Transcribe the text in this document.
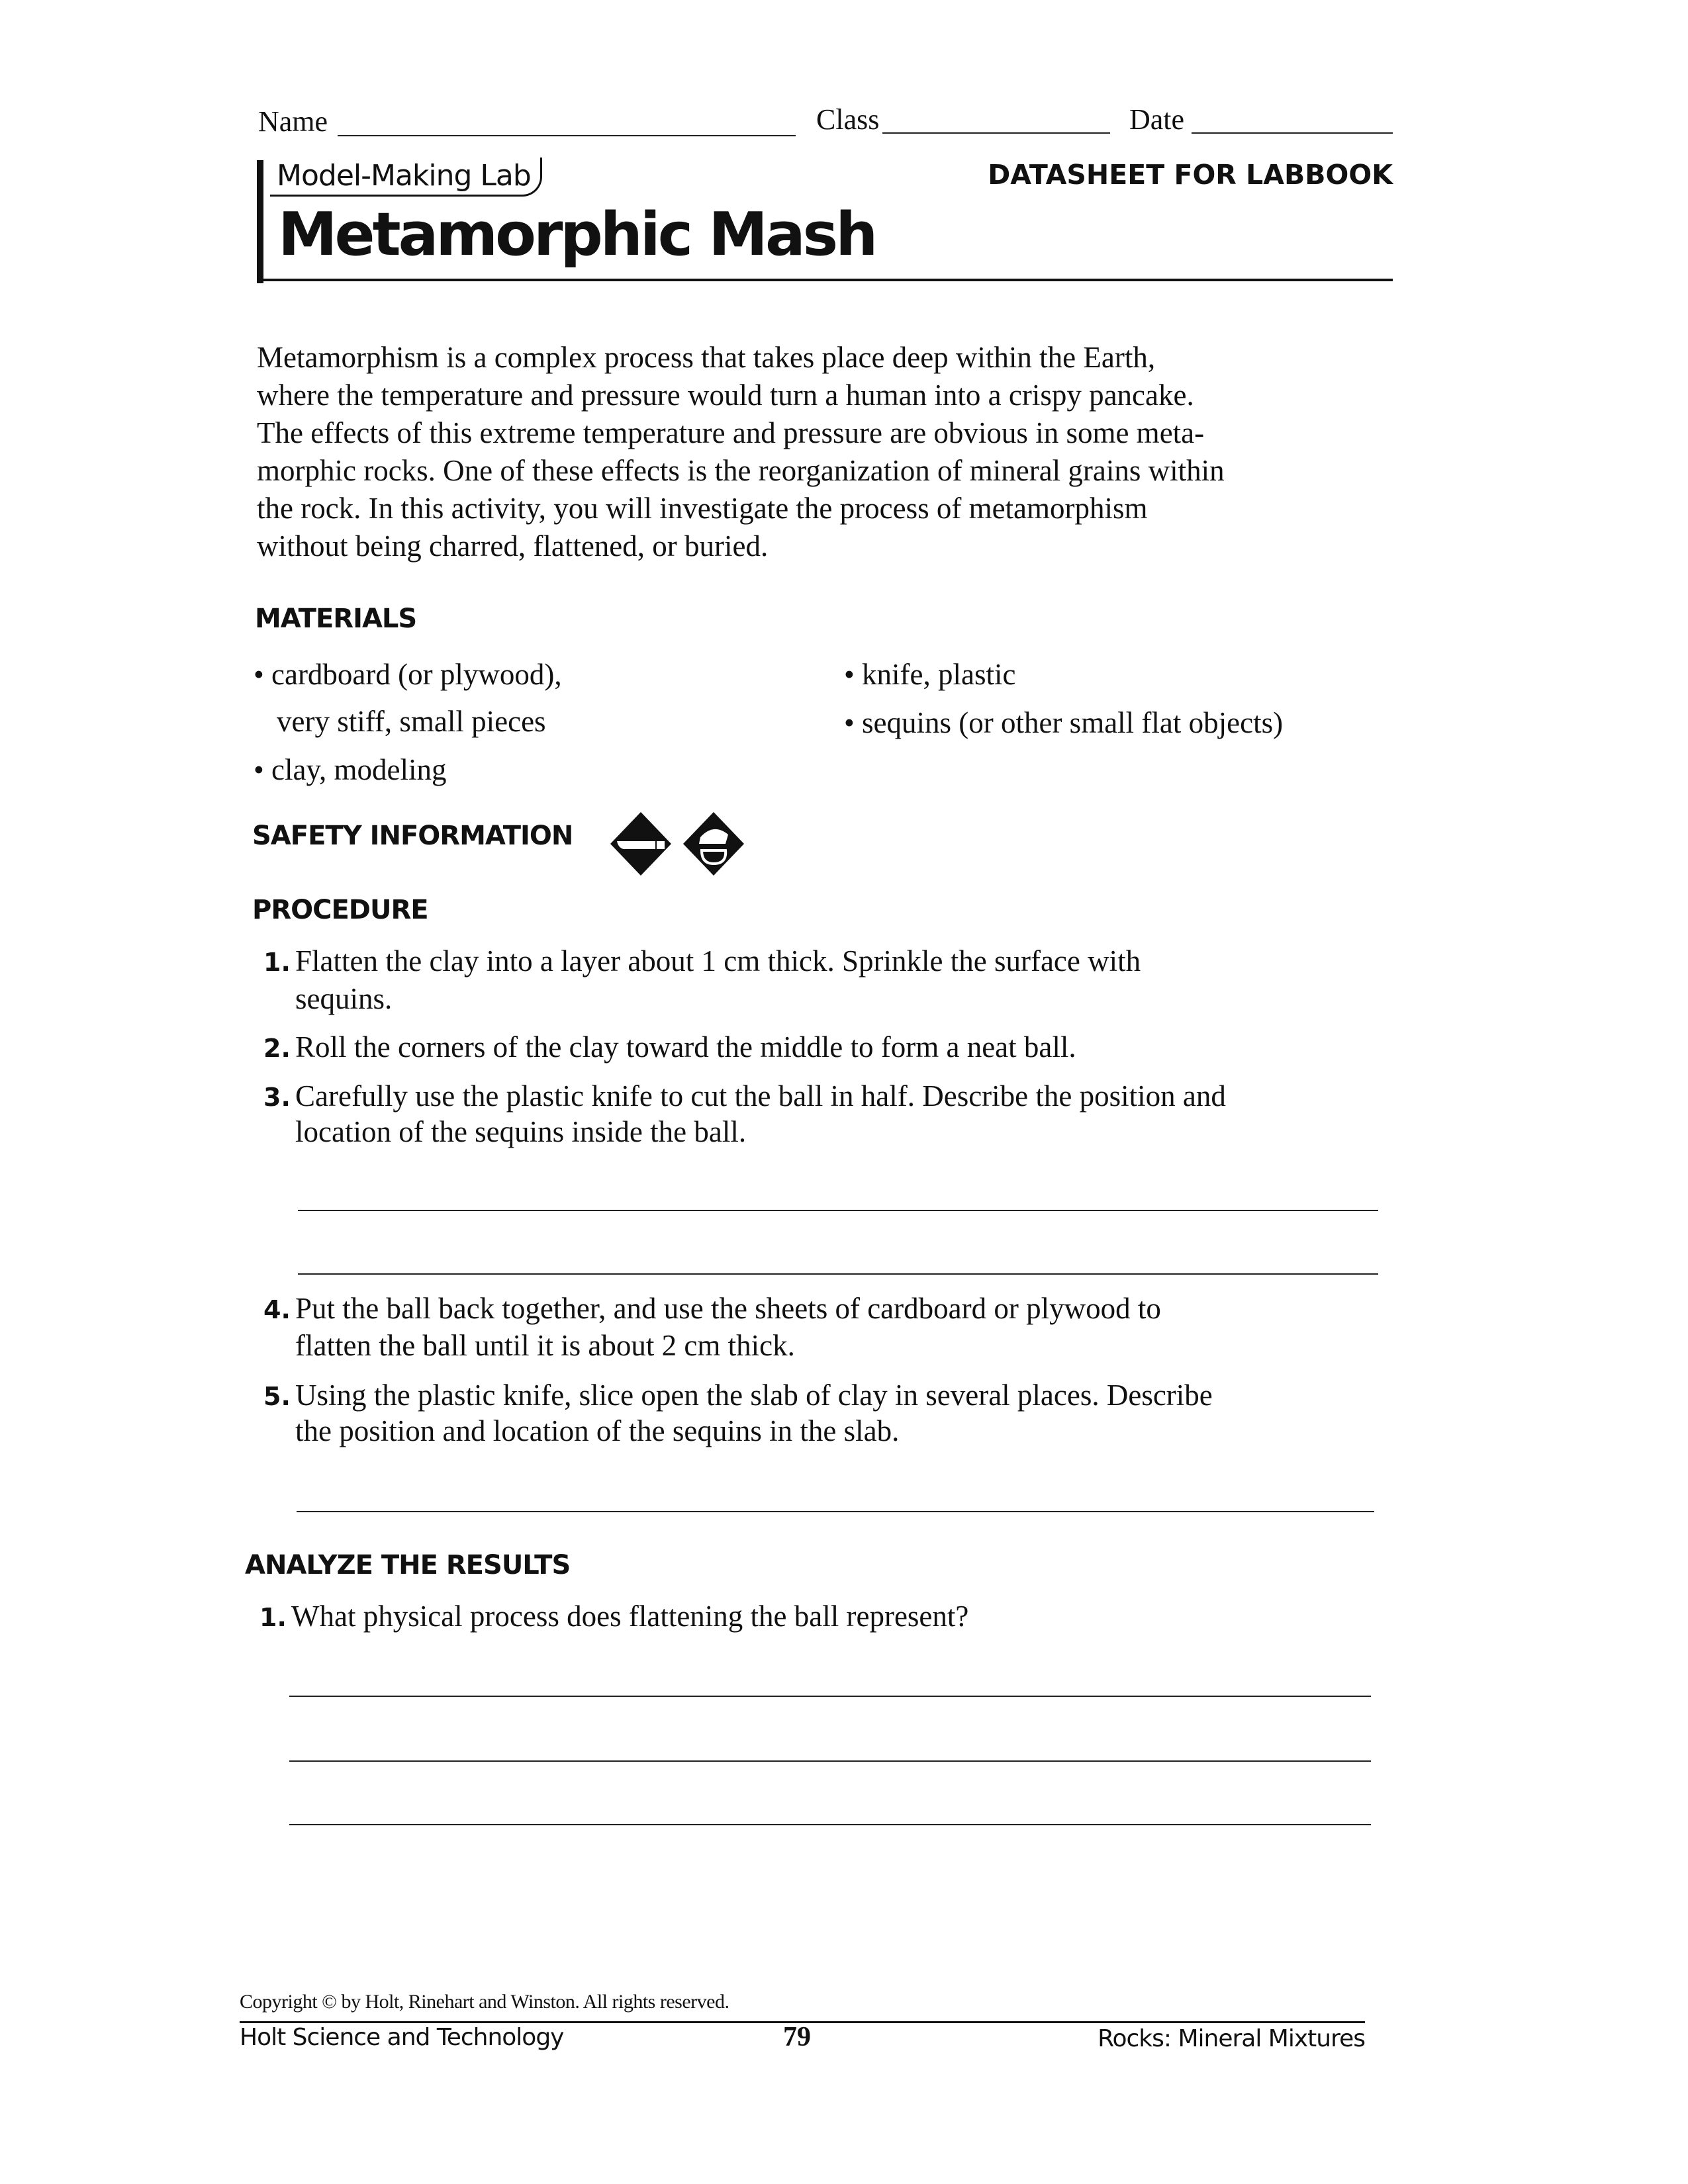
Name	Class	Date
Model-Making Lab
Metamorphic Mash
DATASHEET FOR LABBOOK
Metamorphism is a complex process that takes place deep within the Earth,
where the temperature and pressure would turn a human into a crispy pancake.
The effects of this extreme temperature and pressure are obvious in some meta-
morphic rocks. One of these effects is the reorganization of mineral grains within
the rock. In this activity, you will investigate the process of metamorphism
without being charred, flattened, or buried.
MATERIALS
• cardboard (or plywood),
very stiff, small pieces
• clay, modeling
• knife, plastic
• sequins (or other small flat objects)
SAFETY INFORMATION
PROCEDURE
1. Flatten the clay into a layer about 1 cm thick. Sprinkle the surface with
sequins.
2. Roll the corners of the clay toward the middle to form a neat ball.
3. Carefully use the plastic knife to cut the ball in half. Describe the position and
location of the sequins inside the ball.
4. Put the ball back together, and use the sheets of cardboard or plywood to
flatten the ball until it is about 2 cm thick.
5. Using the plastic knife, slice open the slab of clay in several places. Describe
the position and location of the sequins in the slab.
ANALYZE THE RESULTS
1. What physical process does flattening the ball represent?
Copyright © by Holt, Rinehart and Winston. All rights reserved.
Holt Science and Technology	79	Rocks: Mineral Mixtures
